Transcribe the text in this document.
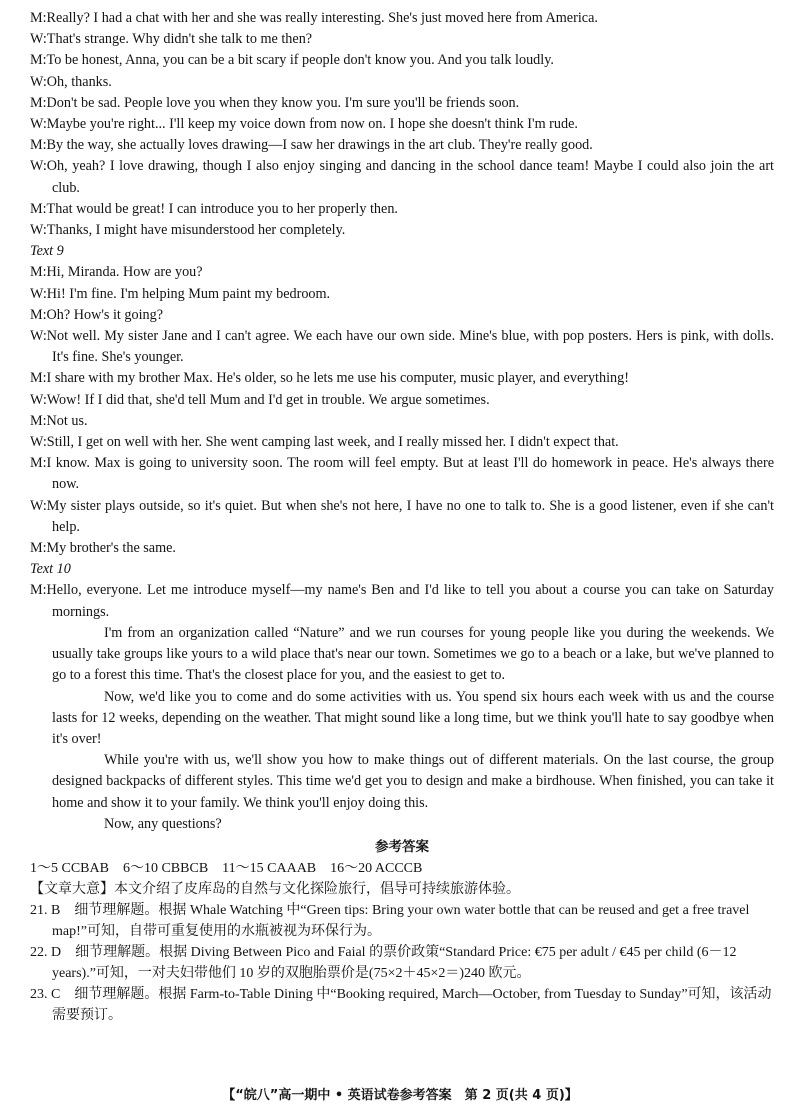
M:Really? I had a chat with her and she was really interesting. She's just moved here from America.
W:That's strange. Why didn't she talk to me then?
M:To be honest, Anna, you can be a bit scary if people don't know you. And you talk loudly.
W:Oh, thanks.
M:Don't be sad. People love you when they know you. I'm sure you'll be friends soon.
W:Maybe you're right... I'll keep my voice down from now on. I hope she doesn't think I'm rude.
M:By the way, she actually loves drawing—I saw her drawings in the art club. They're really good.
W:Oh, yeah? I love drawing, though I also enjoy singing and dancing in the school dance team! Maybe I could also join the art club.
M:That would be great! I can introduce you to her properly then.
W:Thanks, I might have misunderstood her completely.
Text 9
M:Hi, Miranda. How are you?
W:Hi! I'm fine. I'm helping Mum paint my bedroom.
M:Oh? How's it going?
W:Not well. My sister Jane and I can't agree. We each have our own side. Mine's blue, with pop posters. Hers is pink, with dolls. It's fine. She's younger.
M:I share with my brother Max. He's older, so he lets me use his computer, music player, and everything!
W:Wow! If I did that, she'd tell Mum and I'd get in trouble. We argue sometimes.
M:Not us.
W:Still, I get on well with her. She went camping last week, and I really missed her. I didn't expect that.
M:I know. Max is going to university soon. The room will feel empty. But at least I'll do homework in peace. He's always there now.
W:My sister plays outside, so it's quiet. But when she's not here, I have no one to talk to. She is a good listener, even if she can't help.
M:My brother's the same.
Text 10
M:Hello, everyone. Let me introduce myself—my name's Ben and I'd like to tell you about a course you can take on Saturday mornings.
I'm from an organization called “Nature” and we run courses for young people like you during the weekends. We usually take groups like yours to a wild place that's near our town. Sometimes we go to a beach or a lake, but we've planned to go to a forest this time. That's the closest place for you, and the easiest to get to.
Now, we'd like you to come and do some activities with us. You spend six hours each week with us and the course lasts for 12 weeks, depending on the weather. That might sound like a long time, but we think you'll hate to say goodbye when it's over!
While you're with us, we'll show you how to make things out of different materials. On the last course, the group designed backpacks of different styles. This time we'd get you to design and make a birdhouse. When finished, you can take it home and show it to your family. We think you'll enjoy doing this.
Now, any questions?
参考答案
1～5 CCBAB　6～10 CBBCB　11～15 CAAAB　16～20 ACCCB
【文章大意】本文介绍了皮库岛的自然与文化探险旅行，倡导可持续旅游体验。
21. B　细节理解题。根据 Whale Watching 中“Green tips: Bring your own water bottle that can be reused and get a free travel map!”可知，自带可重复使用的水瓶被视为环保行为。
22. D　细节理解题。根据 Diving Between Pico and Faial 的票价政策“Standard Price: €75 per adult / €45 per child (6－12 years).”可知，一对夫妇带他们 10 岁的双胞胎票价是(75×2＋45×2＝)240 欧元。
23. C　细节理解题。根据 Farm-to-Table Dining 中“Booking required, March—October, from Tuesday to Sunday”可知，该活动需要预订。
【“皖八”高一期中 • 英语试卷参考答案　第 2 页(共 4 页)】
